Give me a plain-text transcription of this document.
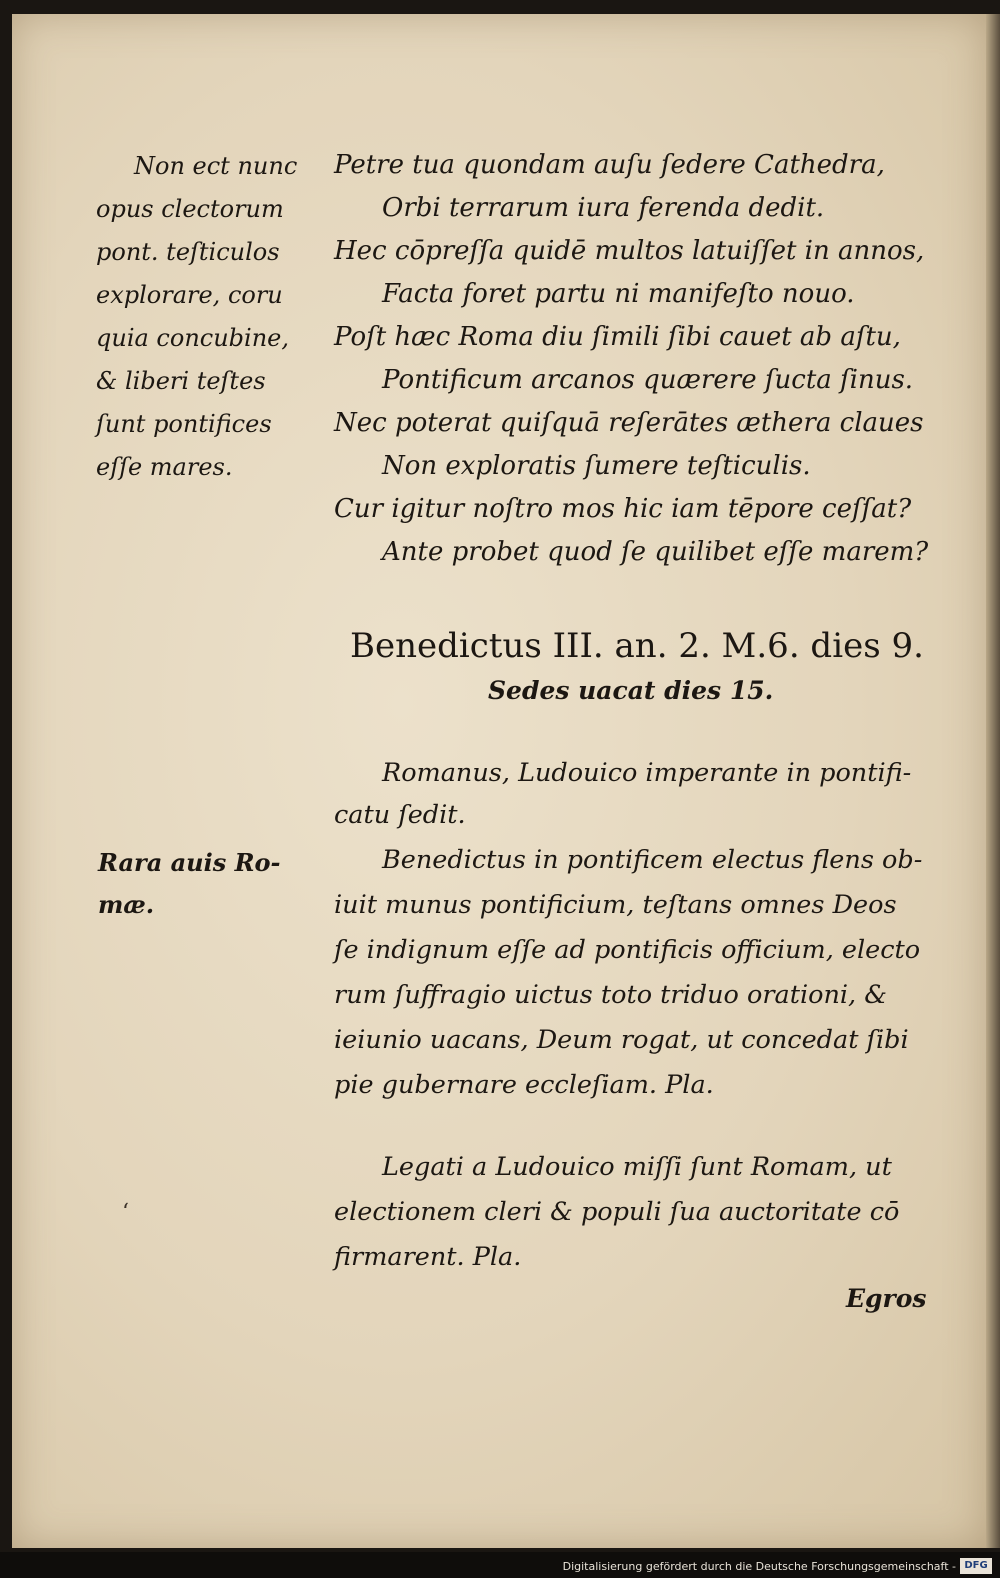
Non ect nunc
opus clectorum
pont. teſticulos
explorare, coru
quia concubine,
& liberi teſtes
ſunt pontifices
eſſe mares.
Petre tua quondam auſu ſedere Cathedra,
Orbi terrarum iura ferenda dedit.
Hec cōpreſſa quidē multos latuiſſet in annos,
Facta foret partu ni manifeſto nouo.
Poſt hæc Roma diu ſimili ſibi cauet ab aſtu,
Pontificum arcanos quærere ſucta ſinus.
Nec poterat quiſquā reſerātes æthera claues
Non exploratis ſumere teſticulis.
Cur igitur noſtro mos hic iam tēpore ceſſat?
Ante probet quod ſe quilibet eſſe marem?
Benedictus III. an. 2. M.6. dies 9.
Sedes uacat dies 15.
Romanus, Ludouico imperante in pontifi-
catu ſedit.
Rara auis Ro-
mæ.
Benedictus in pontificem electus flens ob-
iuit munus pontificium, teſtans omnes Deos
ſe indignum eſſe ad pontificis officium, electo
rum ſuffragio uictus toto triduo orationi, &
ieiunio uacans, Deum rogat, ut concedat ſibi
pie gubernare eccleſiam. Pla.
Legati a Ludouico miſſi ſunt Romam, ut
electionem cleri & populi ſua auctoritate cō
firmarent. Pla.
‘
Egros
Digitalisierung gefördert durch die Deutsche Forschungsgemeinschaft - DFG
